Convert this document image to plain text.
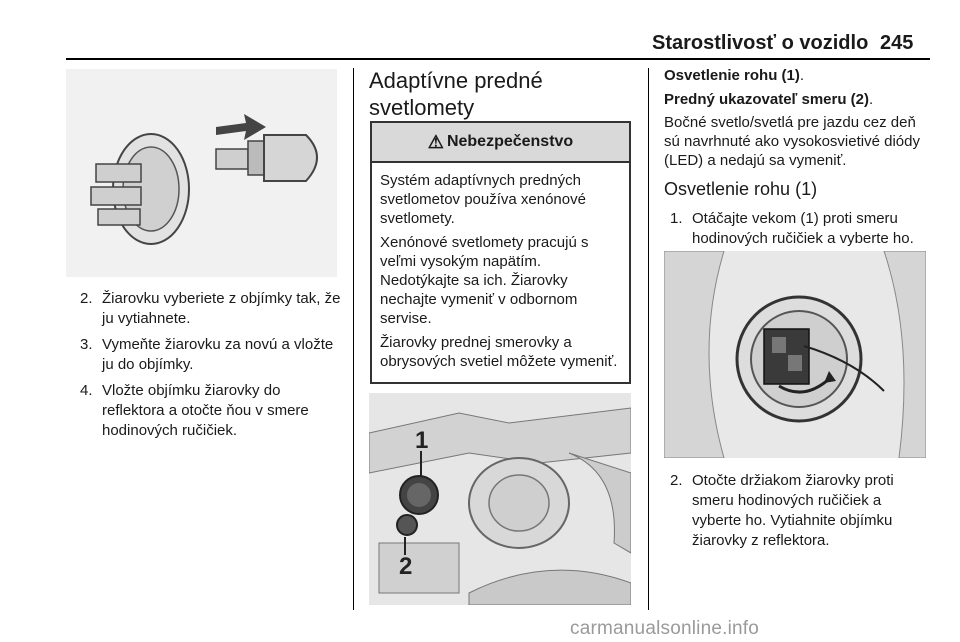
Starostlivosť o vozidlo 245
2. Žiarovku vyberiete z objímky tak, že ju vytiahnete.
3. Vymeňte žiarovku za novú a vložte ju do objímky.
4. Vložte objímku žiarovky do reflektora a otočte ňou v smere hodinových ručičiek.
Adaptívne predné
svetlomety
⚠ Nebezpečenstvo

Systém adaptívnych predných svetlometov používa xenónové svetlomety.

Xenónové svetlomety pracujú s veľmi vysokým napätím. Nedotýkajte sa ich. Žiarovky nechajte vymeniť v odbornom servise.

Žiarovky prednej smerovky a obrysových svetiel môžete vymeniť.

1
2

Osvetlenie rohu (1).

Predný ukazovateľ smeru (2).

Bočné svetlo/svetlá pre jazdu cez deň sú navrhnuté ako vysokosvietivé diódy (LED) a nedajú sa vymeniť.

Osvetlenie rohu (1)
1. Otáčajte vekom (1) proti smeru hodinových ručičiek a vyberte ho.
2. Otočte držiakom žiarovky proti smeru hodinových ručičiek a vyberte ho. Vytiahnite objímku žiarovky z reflektora.
carmanualsonline.info
